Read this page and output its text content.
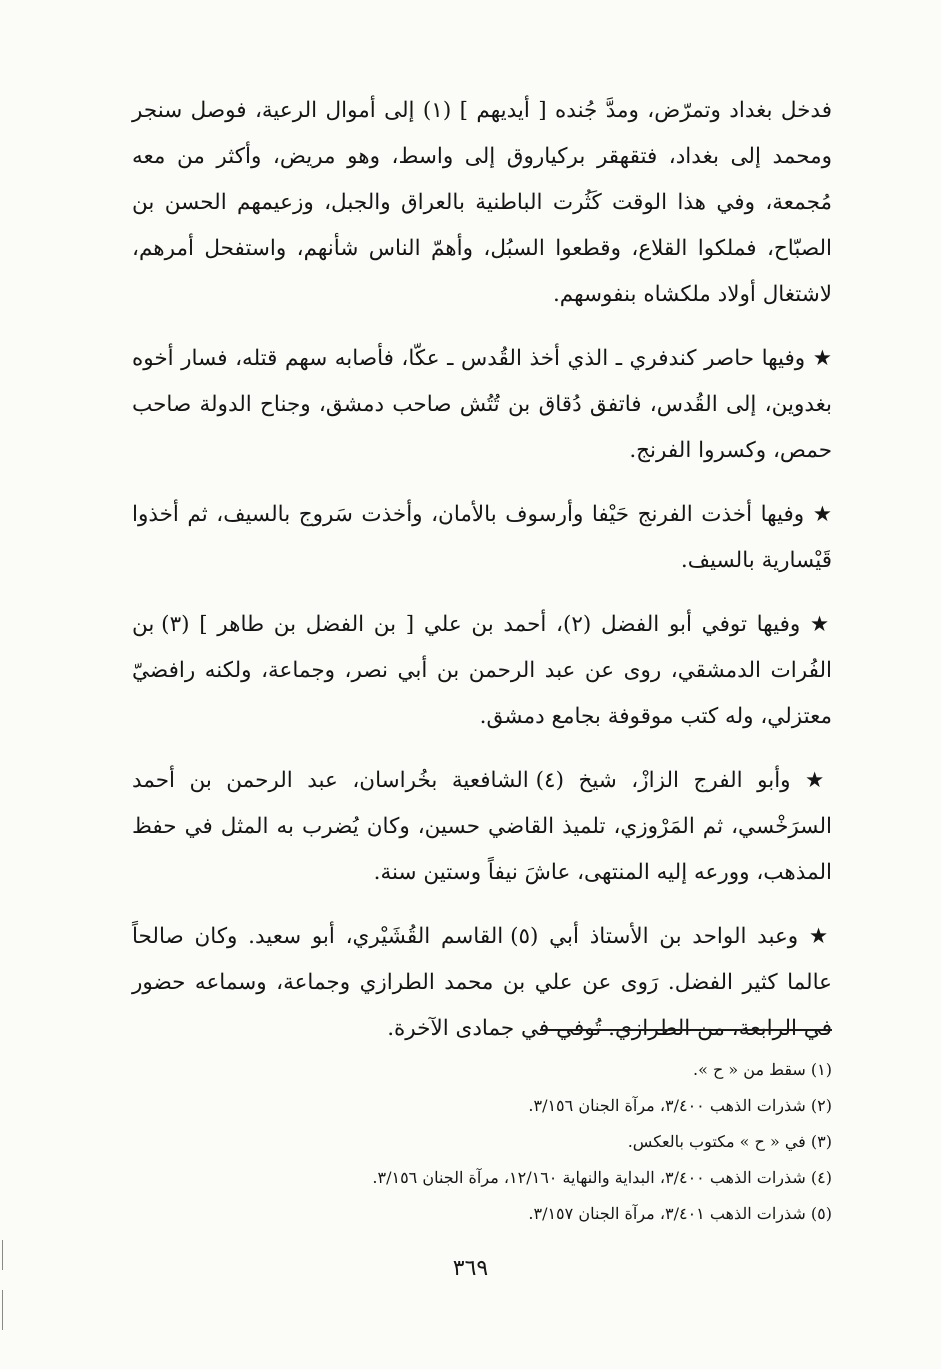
فدخل بغداد وتمرّض، ومدَّ جُنده [ أيديهم ] (١) إلى أموال الرعية، فوصل سنجر ومحمد إلى بغداد، فتقهقر بركياروق إلى واسط، وهو مريض، وأكثر من معه مُجمعة، وفي هذا الوقت كَثُرت الباطنية بالعراق والجبل، وزعيمهم الحسن بن الصبّاح، فملكوا القلاع، وقطعوا السبُل، وأهمّ الناس شأنهم، واستفحل أمرهم، لاشتغال أولاد ملكشاه بنفوسهم.

★ وفيها حاصر كندفري ـ الذي أخذ القُدس ـ عكّا، فأصابه سهم قتله، فسار أخوه بغدوين، إلى القُدس، فاتفق دُقاق بن تُتُش صاحب دمشق، وجناح الدولة صاحب حمص، وكسروا الفرنج.

★ وفيها أخذت الفرنج حَيْفا وأرسوف بالأمان، وأخذت سَروج بالسيف، ثم أخذوا قَيْسارية بالسيف.

★ وفيها توفي أبو الفضل (٢)، أحمد بن علي [ بن الفضل بن طاهر ] (٣) بن الفُرات الدمشقي، روى عن عبد الرحمن بن أبي نصر، وجماعة، ولكنه رافضيّ معتزلي، وله كتب موقوفة بجامع دمشق.

★ وأبو الفرج الزازْ، شيخ (٤) الشافعية بخُراسان، عبد الرحمن بن أحمد السرَخْسي، ثم المَرْوزي، تلميذ القاضي حسين، وكان يُضرب به المثل في حفظ المذهب، وورعه إليه المنتهى، عاشَ نيفاً وستين سنة.

★ وعبد الواحد بن الأستاذ أبي (٥) القاسم القُشَيْري، أبو سعيد. وكان صالحاً عالما كثير الفضل. رَوى عن علي بن محمد الطرازي وجماعة، وسماعه حضور في الرابعة، من الطرازي. تُوفي في جمادى الآخرة.

(١) سقط من « ح ».
(٢) شذرات الذهب ٣/٤٠٠، مرآة الجنان ٣/١٥٦.
(٣) في « ح » مكتوب بالعكس.
(٤) شذرات الذهب ٣/٤٠٠، البداية والنهاية ١٢/١٦٠، مرآة الجنان ٣/١٥٦.
(٥) شذرات الذهب ٣/٤٠١، مرآة الجنان ٣/١٥٧.
٣٦٩
